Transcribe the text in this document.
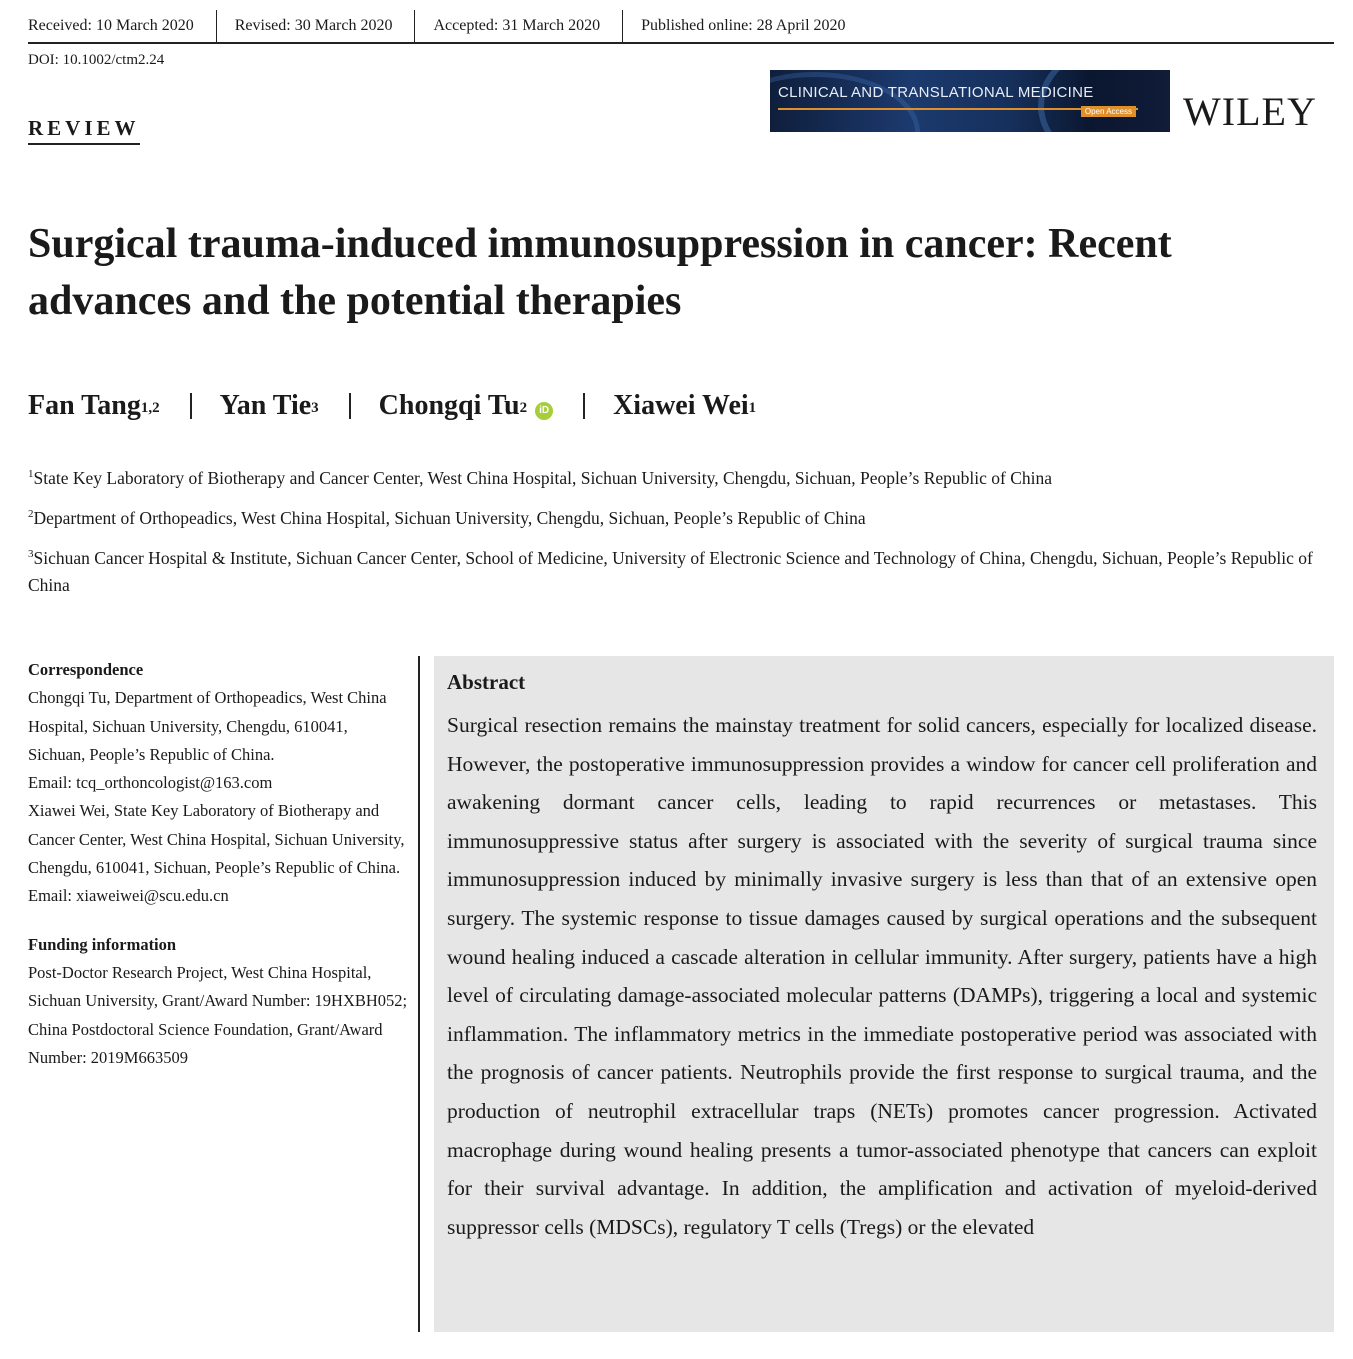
Received: 10 March 2020	Revised: 30 March 2020	Accepted: 31 March 2020	Published online: 28 April 2020
DOI: 10.1002/ctm2.24
REVIEW
CLINICAL AND TRANSLATIONAL MEDICINE
Open Access WILEY
Surgical trauma-induced immunosuppression in cancer: Recent advances and the potential therapies
Fan Tang$^{1,2}$ Yan Tie$^3$ Chongqi Tu$^2$	iD Xiawei Wei$^1$
$^1$State Key Laboratory of Biotherapy and Cancer Center, West China Hospital, Sichuan University, Chengdu, Sichuan, People’s Republic of China
$^2$Department of Orthopeadics, West China Hospital, Sichuan University, Chengdu, Sichuan, People’s Republic of China
$^3$Sichuan Cancer Hospital & Institute, Sichuan Cancer Center, School of Medicine, University of Electronic Science and Technology of China, Chengdu, Sichuan, People’s Republic of China
Correspondence
Chongqi Tu, Department of Orthopeadics, West China Hospital, Sichuan University, Chengdu, 610041, Sichuan, People’s Republic of China.
Email: tcq_orthoncologist@163.com
Xiawei Wei, State Key Laboratory of Biotherapy and Cancer Center, West China Hospital, Sichuan University, Chengdu, 610041, Sichuan, People’s Republic of China.
Email: xiaweiwei@scu.edu.cn
Funding information
Post-Doctor Research Project, West China Hospital, Sichuan University, Grant/Award Number: 19HXBH052; China Postdoctoral Science Foundation, Grant/Award Number: 2019M663509
Abstract

Surgical resection remains the mainstay treatment for solid cancers, especially for localized disease. However, the postoperative immunosuppression provides a window for cancer cell proliferation and awakening dormant cancer cells, leading to rapid recurrences or metastases. This immunosuppressive status after surgery is associated with the severity of surgical trauma since immunosuppression induced by minimally invasive surgery is less than that of an extensive open surgery. The systemic response to tissue damages caused by surgical operations and the subsequent wound healing induced a cascade alteration in cellular immunity. After surgery, patients have a high level of circulating damage-associated molecular patterns (DAMPs), triggering a local and systemic inflammation. The inflammatory metrics in the immediate postoperative period was associated with the prognosis of cancer patients. Neutrophils provide the first response to surgical trauma, and the production of neutrophil extracellular traps (NETs) promotes cancer progression. Activated macrophage during wound healing presents a tumor-associated phenotype that cancers can exploit for their survival advantage. In addition, the amplification and activation of myeloid-derived suppressor cells (MDSCs), regulatory T cells (Tregs) or the elevated
